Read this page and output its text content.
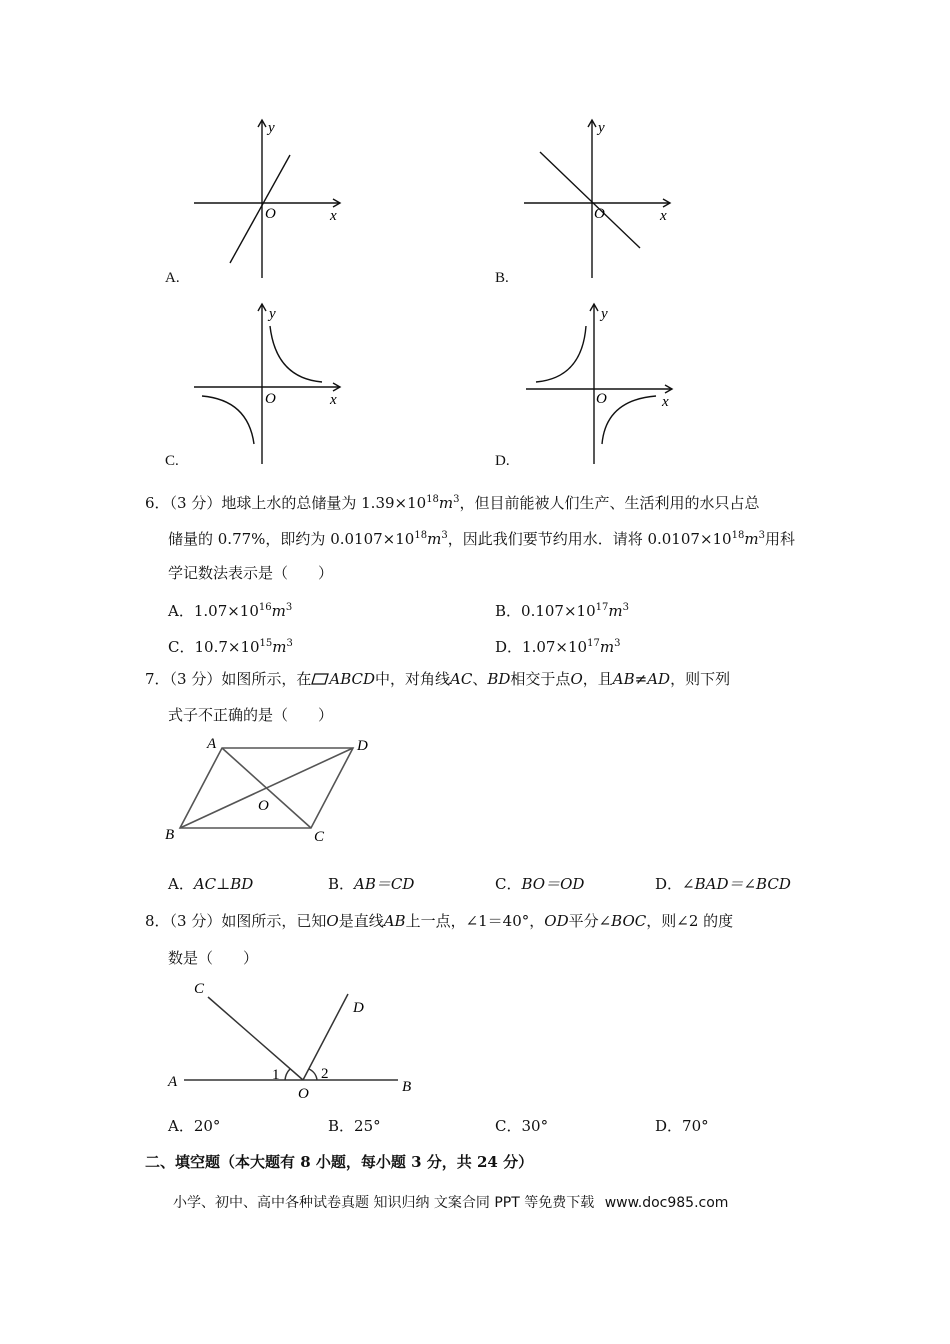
y
x
O
A.
y
x
O
B.
y
x
O
C.
y
x
O
D.
6．（3 分）地球上水的总储量为 $1.39\times 10^{18}m^3$，但目前能被人们生产、生活利用的水只占总
储量的 0.77%，即约为 $0.0107\times 10^{18}m^3$，因此我们要节约用水．请将 $0.0107\times 10^{18}m^3$用科
学记数法表示是（　　）
A．$1.07\times 10^{16}m^3$	B．$0.107\times 10^{17}m^3$
C．$10.7\times 10^{15}m^3$	D．$1.07\times 10^{17}m^3$
7．（3 分）如图所示，在 ABCD中，对角线AC、BD相交于点O，且AB≠AD，则下列
式子不正确的是（　　）
A	D
B	C
O
A．AC⊥BD	B．AB＝CD	C．BO＝OD	D．∠BAD＝∠BCD
8．（3 分）如图所示，已知O是直线AB上一点，∠1＝40°，OD平分∠BOC，则∠2 的度
数是（　　）
C
D
A	B
O
1	2
A．20°	B．25°	C．30°	D．70°
二、填空题（本大题有 8 小题，每小题 3 分，共 24 分）
小学、初中、高中各种试卷真题 知识归纳 文案合同 PPT 等免费下载 www.doc985.com
